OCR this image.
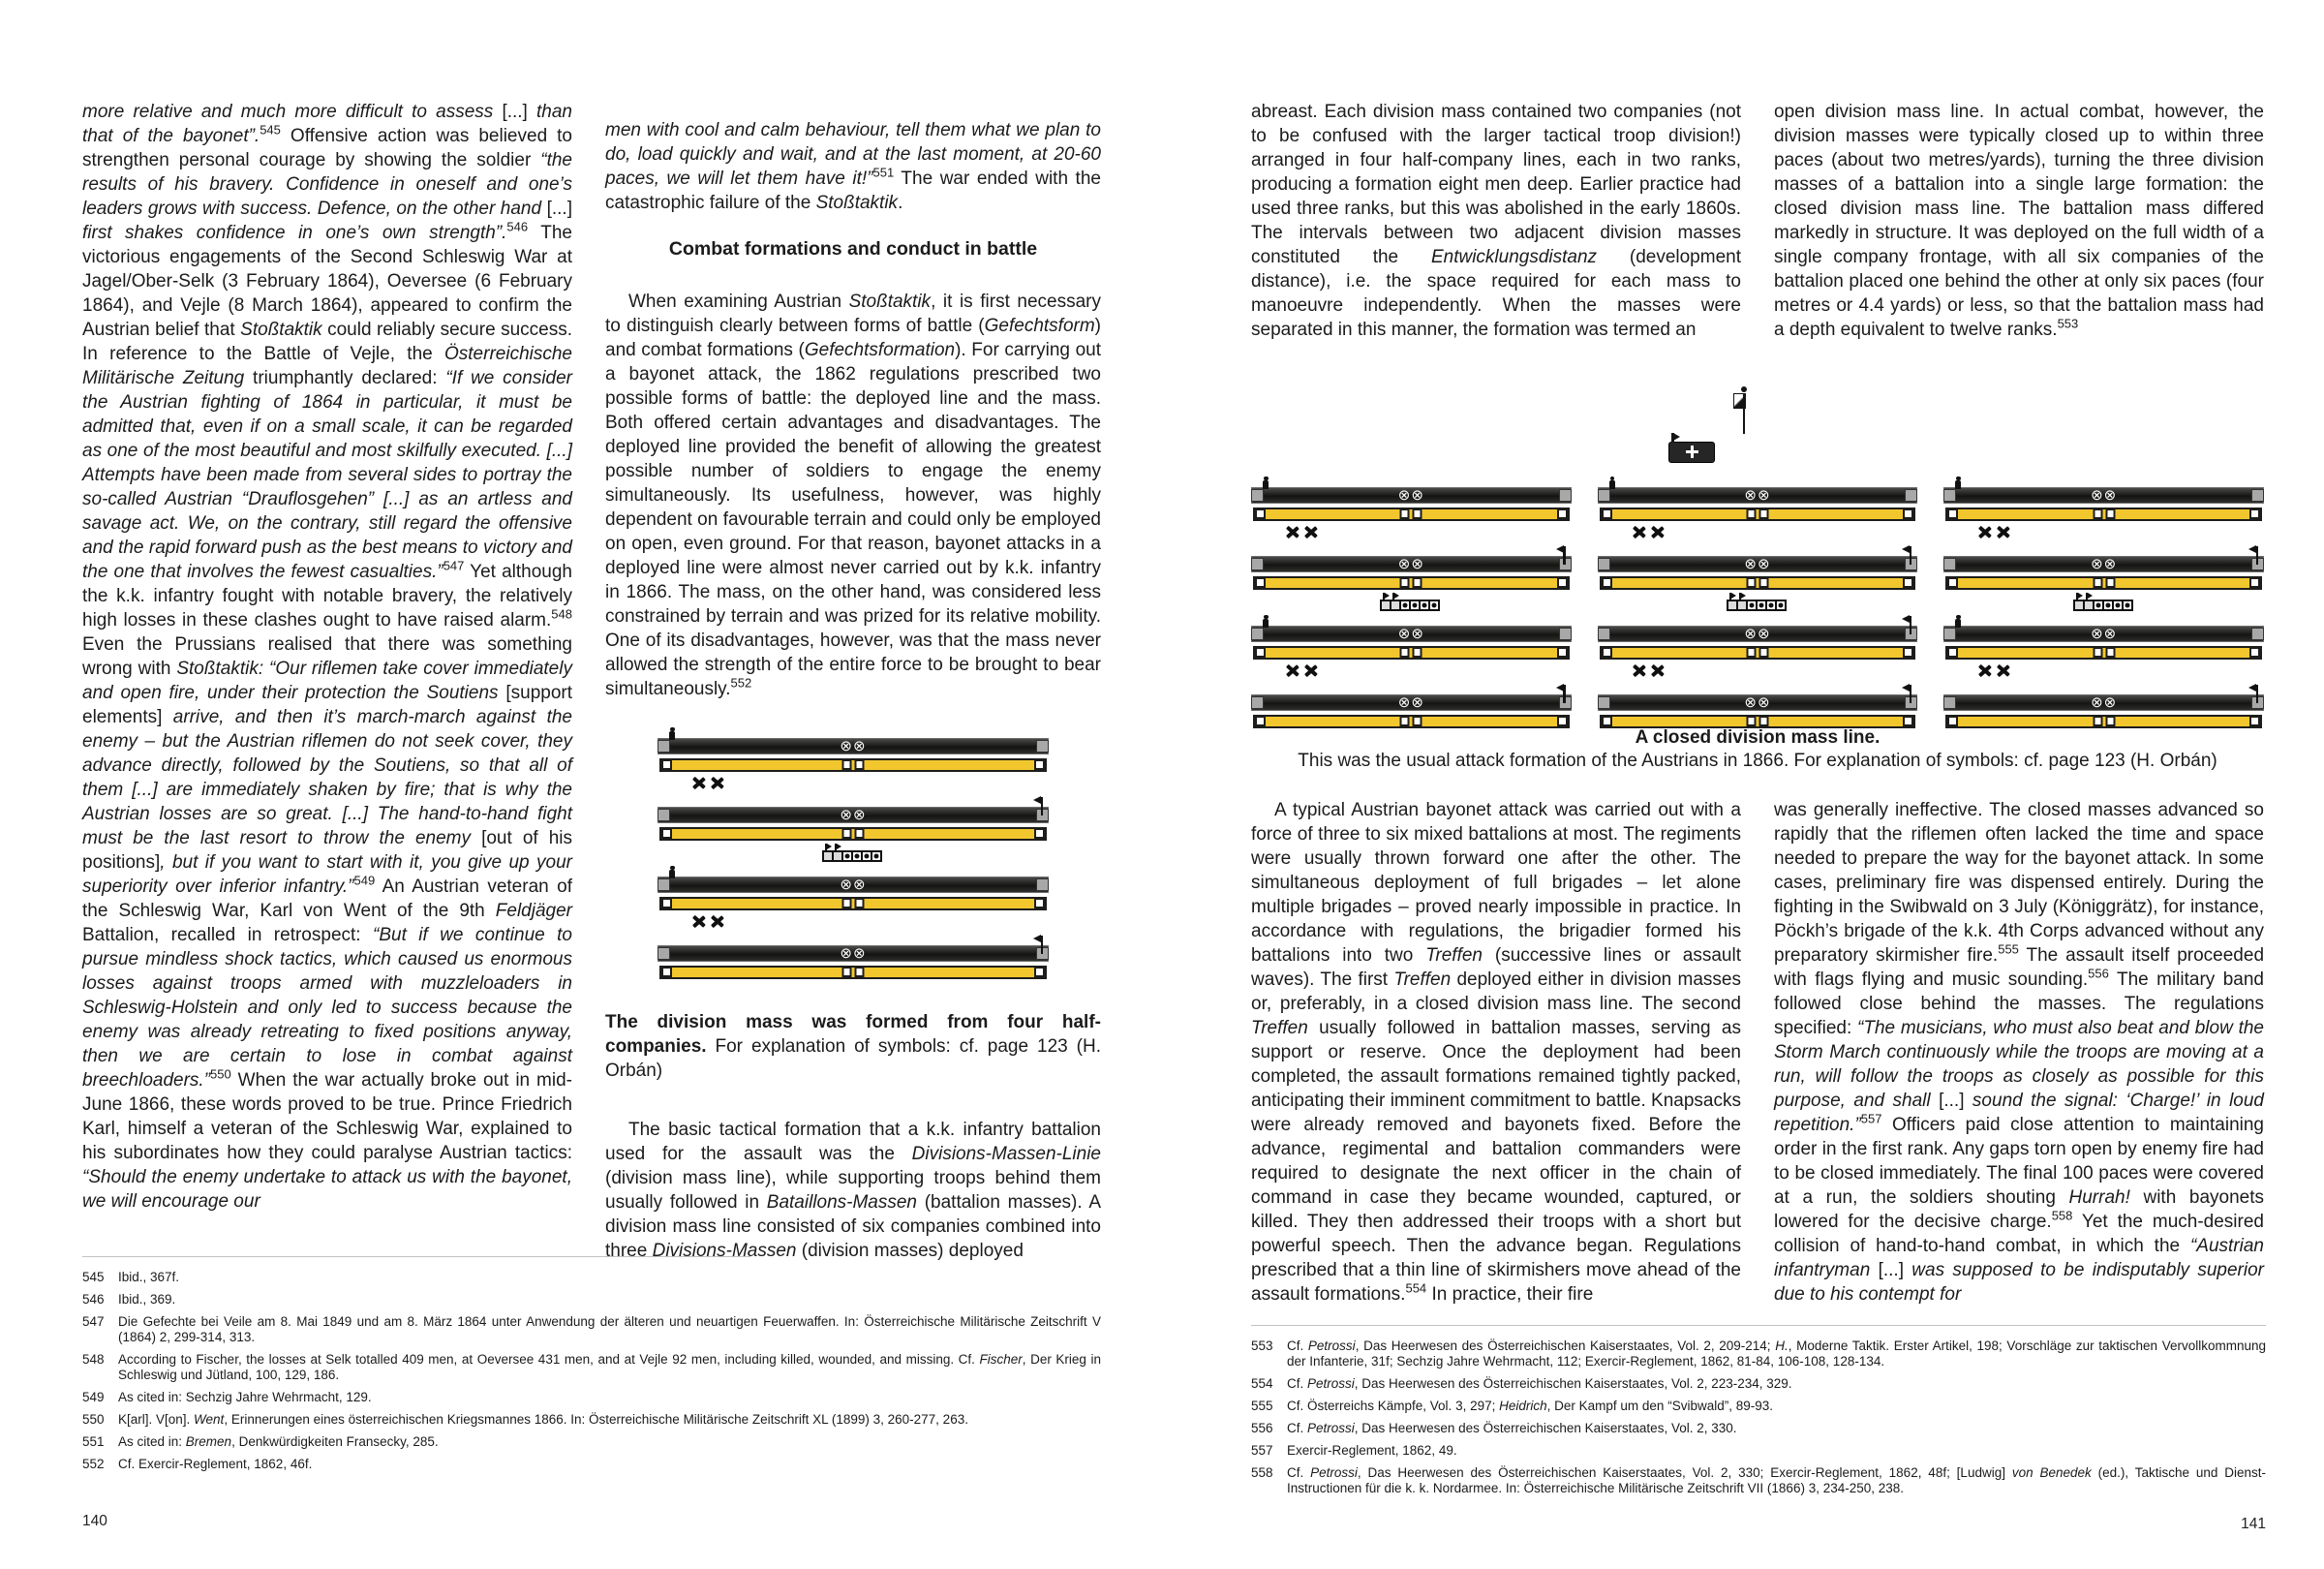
more relative and much more difficult to assess [...] than that of the bayonet”.$^{545}$ Offensive action was believed to strengthen personal courage by showing the soldier “the results of his bravery. Confidence in oneself and one’s leaders grows with success. Defence, on the other hand [...] first shakes confidence in one’s own strength”.$^{546}$ The victorious engagements of the Second Schleswig War at Jagel/Ober-Selk (3 February 1864), Oeversee (6 February 1864), and Vejle (8 March 1864), appeared to confirm the Austrian belief that Stoßtaktik could reliably secure success. In reference to the Battle of Vejle, the Österreichische Militärische Zeitung triumphantly declared: “If we consider the Austrian fighting of 1864 in particular, it must be admitted that, even if on a small scale, it can be regarded as one of the most beautiful and most skilfully executed. [...] Attempts have been made from several sides to portray the so-called Austrian “Drauflosgehen” [...] as an artless and savage act. We, on the contrary, still regard the offensive and the rapid forward push as the best means to victory and the one that involves the fewest casualties.”$^{547}$ Yet although the k.k. infantry fought with notable bravery, the relatively high losses in these clashes ought to have raised alarm.$^{548}$ Even the Prussians realised that there was something wrong with Stoßtaktik: “Our riflemen take cover immediately and open fire, under their protection the Soutiens [support elements] arrive, and then it’s march-march against the enemy – but the Austrian riflemen do not seek cover, they advance directly, followed by the Soutiens, so that all of them [...] are immediately shaken by fire; that is why the Austrian losses are so great. [...] The hand-to-hand fight must be the last resort to throw the enemy [out of his positions], but if you want to start with it, you give up your superiority over inferior infantry.”$^{549}$ An Austrian veteran of the Schleswig War, Karl von Went of the 9th Feldjäger Battalion, recalled in retrospect: “But if we continue to pursue mindless shock tactics, which caused us enormous losses against troops armed with muzzleloaders in Schleswig-Holstein and only led to success because the enemy was already retreating to fixed positions anyway, then we are certain to lose in combat against breechloaders.”$^{550}$ When the war actually broke out in mid-June 1866, these words proved to be true. Prince Friedrich Karl, himself a veteran of the Schleswig War, explained to his subordinates how they could paralyse Austrian tactics: “Should the enemy undertake to attack us with the bayonet, we will encourage our

men with cool and calm behaviour, tell them what we plan to do, load quickly and wait, and at the last moment, at 20-60 paces, we will let them have it!”$^{551}$ The war ended with the catastrophic failure of the Stoßtaktik.

Combat formations and conduct in battle

When examining Austrian Stoßtaktik, it is first necessary to distinguish clearly between forms of battle (Gefechtsform) and combat formations (Gefechtsformation). For carrying out a bayonet attack, the 1862 regulations prescribed two possible forms of battle: the deployed line and the mass. Both offered certain advantages and disadvantages. The deployed line provided the benefit of allowing the greatest possible number of soldiers to engage the enemy simultaneously. Its usefulness, however, was highly dependent on favourable terrain and could only be employed on open, even ground. For that reason, bayonet attacks in a deployed line were almost never carried out by k.k. infantry in 1866. The mass, on the other hand, was considered less constrained by terrain and was prized for its relative mobility. One of its disadvantages, however, was that the mass never allowed the strength of the entire force to be brought to bear simultaneously.$^{552}$

⊗⊗
⊗⊗
⊗⊗
⊗⊗

The division mass was formed from four half-companies. For explanation of symbols: cf. page 123 (H. Orbán)

The basic tactical formation that a k.k. infantry battalion used for the assault was the Divisions-Massen-Linie (division mass line), while supporting troops behind them usually followed in Bataillons-Massen (battalion masses). A division mass line consisted of six companies combined into three Divisions-Massen (division masses) deployed

545	Ibid., 367f.
546	Ibid., 369.
547	Die Gefechte bei Veile am 8. Mai 1849 und am 8. März 1864 unter Anwendung der älteren und neuartigen Feuerwaffen. In: Österreichische Militärische Zeitschrift V (1864) 2, 299-314, 313.
548	According to Fischer, the losses at Selk totalled 409 men, at Oeversee 431 men, and at Vejle 92 men, including killed, wounded, and missing. Cf. Fischer, Der Krieg in Schleswig und Jütland, 100, 129, 186.
549	As cited in: Sechzig Jahre Wehrmacht, 129.
550	K[arl]. V[on]. Went, Erinnerungen eines österreichischen Kriegsmannes 1866. In: Österreichische Militärische Zeitschrift XL (1899) 3, 260-277, 263.
551	As cited in: Bremen, Denkwürdigkeiten Fransecky, 285.
552	Cf. Exercir-Reglement, 1862, 46f.
140
abreast. Each division mass contained two companies (not to be confused with the larger tactical troop division!) arranged in four half-company lines, each in two ranks, producing a formation eight men deep. Earlier practice had used three ranks, but this was abolished in the early 1860s. The intervals between two adjacent division masses constituted the Entwicklungsdistanz (development distance), i.e. the space required for each mass to manoeuvre independently. When the masses were separated in this manner, the formation was termed an
open division mass line. In actual combat, however, the division masses were typically closed up to within three paces (about two metres/yards), turning the three division masses of a battalion into a single large formation: the closed division mass line. The battalion mass differed markedly in structure. It was deployed on the full width of a single company frontage, with all six companies of the battalion placed one behind the other at only six paces (four metres or 4.4 yards) or less, so that the battalion mass had a depth equivalent to twelve ranks.$^{553}$
⊗⊗
⊗⊗
⊗⊗
⊗⊗
⊗⊗
⊗⊗
⊗⊗
⊗⊗
⊗⊗
⊗⊗
⊗⊗
⊗⊗
A closed division mass line.
This was the usual attack formation of the Austrians in 1866. For explanation of symbols: cf. page 123 (H. Orbán)
A typical Austrian bayonet attack was carried out with a force of three to six mixed battalions at most. The regiments were usually thrown forward one after the other. The simultaneous deployment of full brigades – let alone multiple brigades – proved nearly impossible in practice. In accordance with regulations, the brigadier formed his battalions into two Treffen (successive lines or assault waves). The first Treffen deployed either in division masses or, preferably, in a closed division mass line. The second Treffen usually followed in battalion masses, serving as support or reserve. Once the deployment had been completed, the assault formations remained tightly packed, anticipating their imminent commitment to battle. Knapsacks were already removed and bayonets fixed. Before the advance, regimental and battalion commanders were required to designate the next officer in the chain of command in case they became wounded, captured, or killed. They then addressed their troops with a short but powerful speech. Then the advance began. Regulations prescribed that a thin line of skirmishers move ahead of the assault formations.$^{554}$ In practice, their fire
was generally ineffective. The closed masses advanced so rapidly that the riflemen often lacked the time and space needed to prepare the way for the bayonet attack. In some cases, preliminary fire was dispensed entirely. During the fighting in the Swibwald on 3 July (Königgrätz), for instance, Pöckh’s brigade of the k.k. 4th Corps advanced without any preparatory skirmisher fire.$^{555}$ The assault itself proceeded with flags flying and music sounding.$^{556}$ The military band followed close behind the masses. The regulations specified: “The musicians, who must also beat and blow the Storm March continuously while the troops are moving at a run, will follow the troops as closely as possible for this purpose, and shall [...] sound the signal: ‘Charge!’ in loud repetition.”$^{557}$ Officers paid close attention to maintaining order in the first rank. Any gaps torn open by enemy fire had to be closed immediately. The final 100 paces were covered at a run, the soldiers shouting Hurrah! with bayonets lowered for the decisive charge.$^{558}$ Yet the much-desired collision of hand-to-hand combat, in which the “Austrian infantryman [...] was supposed to be indisputably superior due to his contempt for
553	Cf. Petrossi, Das Heerwesen des Österreichischen Kaiserstaates, Vol. 2, 209-214; H., Moderne Taktik. Erster Artikel, 198; Vorschläge zur taktischen Vervollkommnung der Infanterie, 31f; Sechzig Jahre Wehrmacht, 112; Exercir-Reglement, 1862, 81-84, 106-108, 128-134.
554	Cf. Petrossi, Das Heerwesen des Österreichischen Kaiserstaates, Vol. 2, 223-234, 329.
555	Cf. Österreichs Kämpfe, Vol. 3, 297; Heidrich, Der Kampf um den “Svibwald”, 89-93.
556	Cf. Petrossi, Das Heerwesen des Österreichischen Kaiserstaates, Vol. 2, 330.
557	Exercir-Reglement, 1862, 49.
558	Cf. Petrossi, Das Heerwesen des Österreichischen Kaiserstaates, Vol. 2, 330; Exercir-Reglement, 1862, 48f; [Ludwig] von Benedek (ed.), Taktische und Dienst-Instructionen für die k. k. Nordarmee. In: Österreichische Militärische Zeitschrift VII (1866) 3, 234-250, 238.
141
